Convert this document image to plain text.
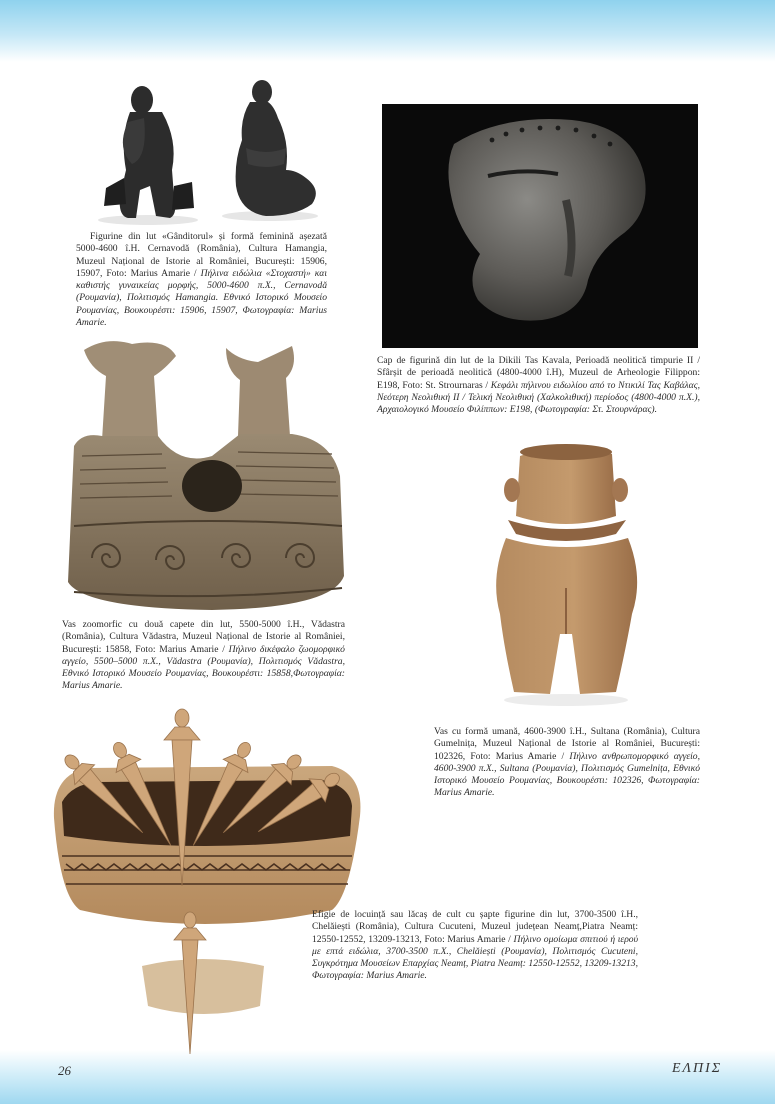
Figurine din lut «Gânditorul» și formă feminină așezată 5000-4600 î.H. Cernavodă (România), Cultura Hamangia, Muzeul Național de Istorie al României, București: 15906, 15907, Foto: Marius Amarie / Πήλινα ειδώλια «Στοχαστή» και καθιστής γυναικείας μορφής, 5000-4600 π.Χ., Cernavodă (Ρουμανία), Πολιτισμός Hamangia. Εθνικό Ιστορικό Μουσείο Ρουμανίας, Βουκουρέστι: 15906, 15907, Φωτογραφία: Marius Amarie.
Cap de figurină din lut de la Dikili Tas Kavala, Perioadă neolitică timpurie II / Sfârșit de perioadă neolitică (4800-4000 î.H), Muzeul de Arheologie Filippon: E198, Foto: St. Strournaras / Κεφάλι πήλινου ειδωλίου από το Ντικιλί Τας Καβάλας, Νεότερη Νεολιθική ΙΙ / Τελική Νεολιθική (Χαλκολιθική) περίοδος (4800-4000 π.Χ.), Αρχαιολογικό Μουσείο Φιλίππων: E198, (Φωτογραφία: Στ. Στουρνάρας).
Vas zoomorfic cu două capete din lut, 5500-5000 î.H., Vădastra (România), Cultura Vădastra, Muzeul Național de Istorie al României, București: 15858, Foto: Marius Amarie / Πήλινο δικέφαλο ζωομορφικό αγγείο, 5500–5000 π.Χ., Vădastra (Ρουμανία), Πολιτισμός Vădastra, Εθνικό Ιστορικό Μουσείο Ρουμανίας, Βουκουρέστι: 15858,Φωτογραφία: Marius Amarie.
Vas cu formă umană, 4600-3900 î.H., Sultana (România), Cultura Gumelnița, Muzeul Național de Istorie al României, București: 102326, Foto: Marius Amarie / Πήλινο ανθρωπομορφικό αγγείο, 4600-3900 π.Χ., Sultana (Ρουμανία), Πολιτισμός Gumelnița, Εθνικό Ιστορικό Μουσείο Ρουμανίας, Βουκουρέστι: 102326, Φωτογραφία: Marius Amarie.
Efigie de locuință sau lăcaș de cult cu șapte figurine din lut, 3700-3500 î.H., Chelăiești (România), Cultura Cucuteni, Muzeul județean Neamț,Piatra Neamț: 12550-12552, 13209-13213, Foto: Marius Amarie / Πήλινο ομοίωμα σπιτιού ή ιερού με επτά ειδώλια, 3700-3500 π.Χ., Chelăiești (Ρουμανία), Πολιτισμός Cucuteni, Συγκρότημα Μουσείων Επαρχίας Neamț, Piatra Neamț: 12550-12552, 13209-13213, Φωτογραφία: Marius Amarie.
26	ΕΛΠΙΣ
